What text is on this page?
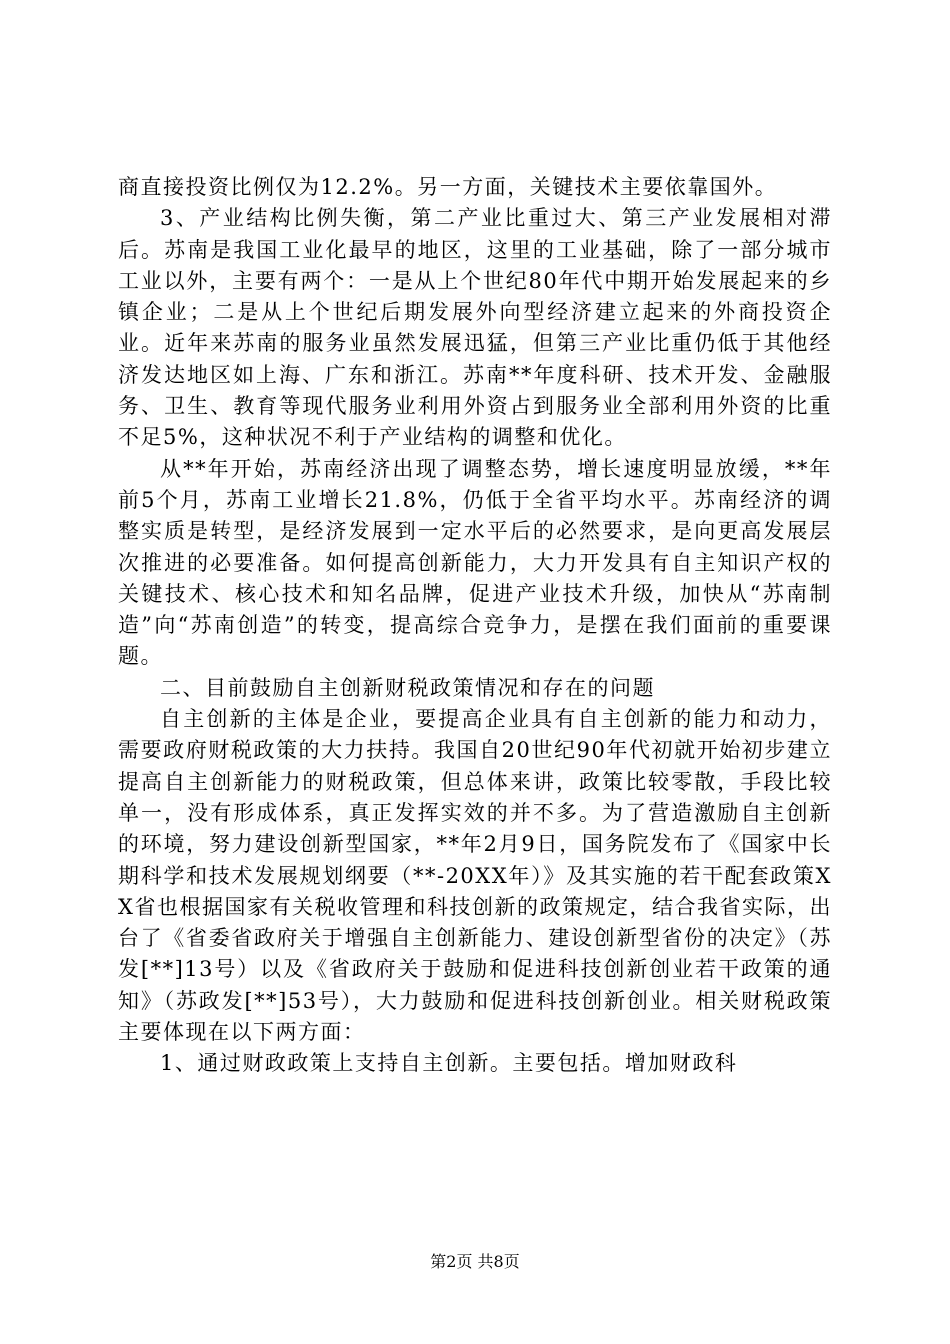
商直接投资比例仅为12.2%。另一方面，关键技术主要依靠国外。

3、产业结构比例失衡，第二产业比重过大、第三产业发展相对滞后。苏南是我国工业化最早的地区，这里的工业基础，除了一部分城市工业以外，主要有两个：一是从上个世纪80年代中期开始发展起来的乡镇企业；二是从上个世纪后期发展外向型经济建立起来的外商投资企业。近年来苏南的服务业虽然发展迅猛，但第三产业比重仍低于其他经济发达地区如上海、广东和浙江。苏南**年度科研、技术开发、金融服务、卫生、教育等现代服务业利用外资占到服务业全部利用外资的比重不足5%，这种状况不利于产业结构的调整和优化。

从**年开始，苏南经济出现了调整态势，增长速度明显放缓，**年前5个月，苏南工业增长21.8%，仍低于全省平均水平。苏南经济的调整实质是转型，是经济发展到一定水平后的必然要求，是向更高发展层次推进的必要准备。如何提高创新能力，大力开发具有自主知识产权的关键技术、核心技术和知名品牌，促进产业技术升级，加快从“苏南制造”向“苏南创造”的转变，提高综合竞争力，是摆在我们面前的重要课题。

二、目前鼓励自主创新财税政策情况和存在的问题

自主创新的主体是企业，要提高企业具有自主创新的能力和动力，需要政府财税政策的大力扶持。我国自20世纪90年代初就开始初步建立提高自主创新能力的财税政策，但总体来讲，政策比较零散，手段比较单一，没有形成体系，真正发挥实效的并不多。为了营造激励自主创新的环境，努力建设创新型国家，**年2月9日，国务院发布了《国家中长期科学和技术发展规划纲要（**-20XX年）》及其实施的若干配套政策XX省也根据国家有关税收管理和科技创新的政策规定，结合我省实际，出台了《省委省政府关于增强自主创新能力、建设创新型省份的决定》（苏发[**]13号）以及《省政府关于鼓励和促进科技创新创业若干政策的通知》（苏政发[**]53号），大力鼓励和促进科技创新创业。相关财税政策主要体现在以下两方面：

1、通过财政政策上支持自主创新。主要包括。增加财政科

第2页 共8页
